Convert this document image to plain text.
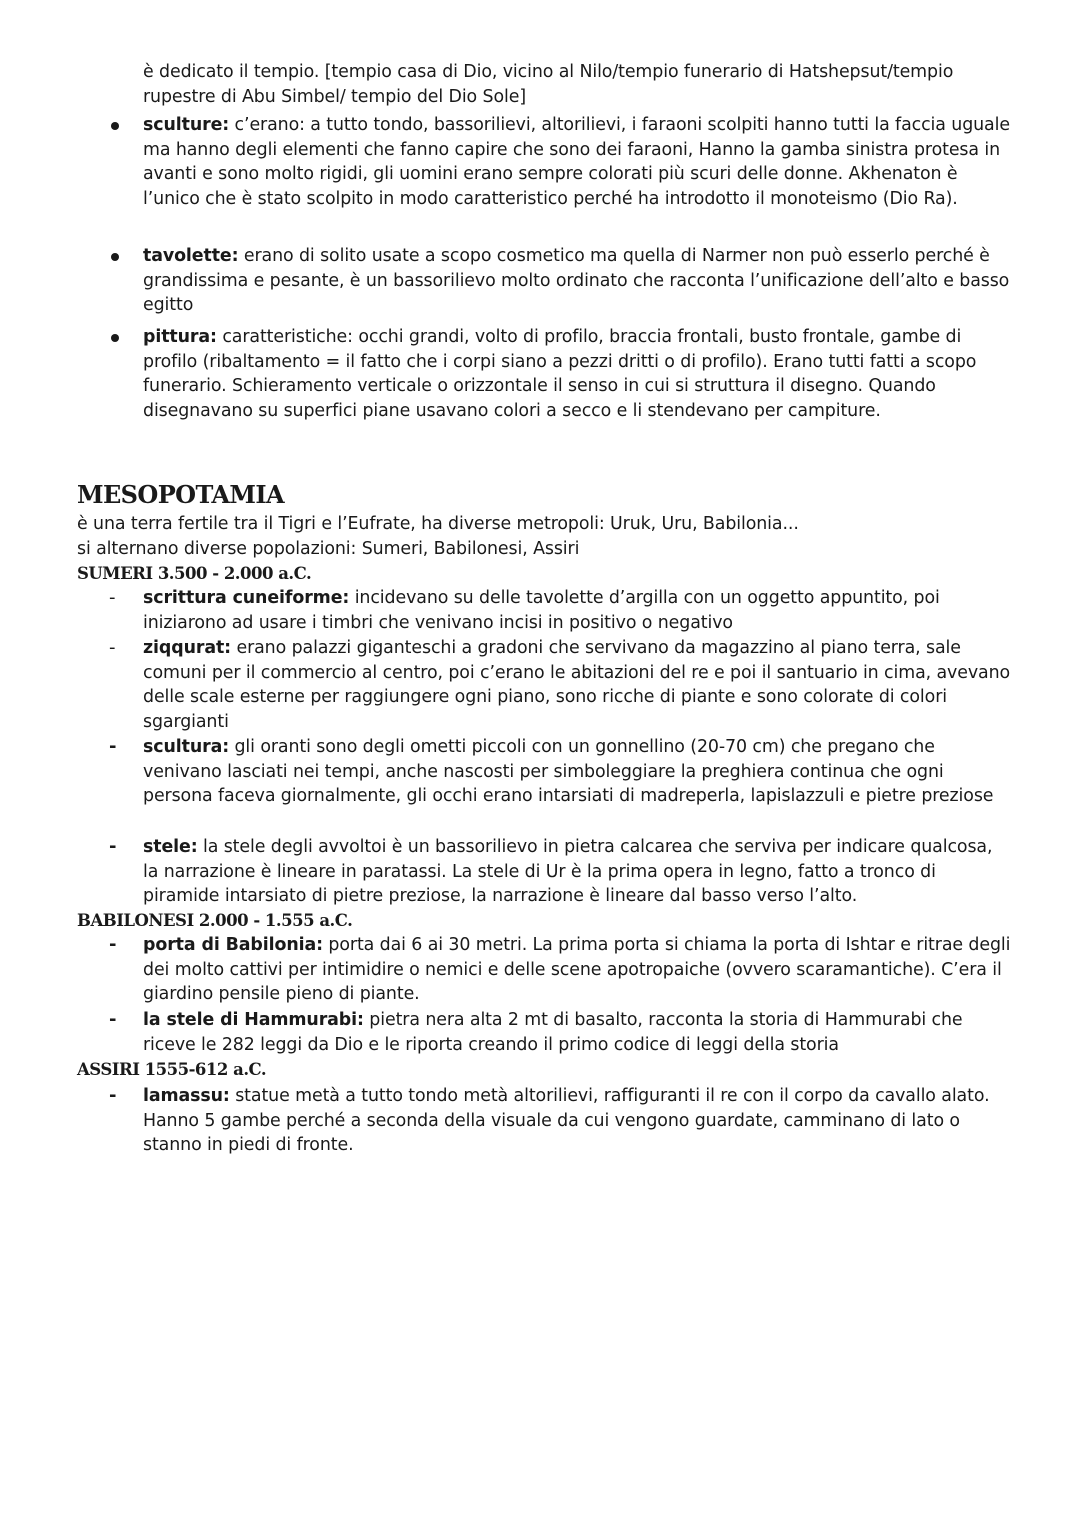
è dedicato il tempio. [tempio casa di Dio, vicino al Nilo/tempio funerario di Hatshepsut/tempio rupestre di Abu Simbel/ tempio del Dio Sole]

sculture: c’erano: a tutto tondo, bassorilievi, altorilievi, i faraoni scolpiti hanno tutti la faccia uguale ma hanno degli elementi che fanno capire che sono dei faraoni, Hanno la gamba sinistra protesa in avanti e sono molto rigidi, gli uomini erano sempre colorati più scuri delle donne. Akhenaton è l’unico che è stato scolpito in modo caratteristico perché ha introdotto il monoteismo (Dio Ra).
tavolette: erano di solito usate a scopo cosmetico ma quella di Narmer non può esserlo perché è grandissima e pesante, è un bassorilievo molto ordinato che racconta l’unificazione dell’alto e basso egitto
pittura: caratteristiche: occhi grandi, volto di profilo, braccia frontali, busto frontale, gambe di profilo (ribaltamento = il fatto che i corpi siano a pezzi dritti o di profilo). Erano tutti fatti a scopo funerario. Schieramento verticale o orizzontale il senso in cui si struttura il disegno. Quando disegnavano su superfici piane usavano colori a secco e li stendevano per campiture.
MESOPOTAMIA
è una terra fertile tra il Tigri e l’Eufrate, ha diverse metropoli: Uruk, Uru, Babilonia...
si alternano diverse popolazioni: Sumeri, Babilonesi, Assiri
SUMERI 3.500 - 2.000 a.C.
- scrittura cuneiforme: incidevano su delle tavolette d’argilla con un oggetto appuntito, poi iniziarono ad usare i timbri che venivano incisi in positivo o negativo
- ziqqurat: erano palazzi giganteschi a gradoni che servivano da magazzino al piano terra, sale comuni per il commercio al centro, poi c’erano le abitazioni del re e poi il santuario in cima, avevano delle scale esterne per raggiungere ogni piano, sono ricche di piante e sono colorate di colori sgargianti
- scultura: gli oranti sono degli ometti piccoli con un gonnellino (20-70 cm) che pregano che venivano lasciati nei tempi, anche nascosti per simboleggiare la preghiera continua che ogni persona faceva giornalmente, gli occhi erano intarsiati di madreperla, lapislazzuli e pietre preziose
- stele: la stele degli avvoltoi è un bassorilievo in pietra calcarea che serviva per indicare qualcosa, la narrazione è lineare in paratassi. La stele di Ur è la prima opera in legno, fatto a tronco di piramide intarsiato di pietre preziose, la narrazione è lineare dal basso verso l’alto.
BABILONESI 2.000 - 1.555 a.C.
- porta di Babilonia: porta dai 6 ai 30 metri. La prima porta si chiama la porta di Ishtar e ritrae degli dei molto cattivi per intimidire o nemici e delle scene apotropaiche (ovvero scaramantiche). C’era il giardino pensile pieno di piante.
- la stele di Hammurabi: pietra nera alta 2 mt di basalto, racconta la storia di Hammurabi che riceve le 282 leggi da Dio e le riporta creando il primo codice di leggi della storia
ASSIRI 1555-612 a.C.
- lamassu: statue metà a tutto tondo metà altorilievi, raffiguranti il re con il corpo da cavallo alato. Hanno 5 gambe perché a seconda della visuale da cui vengono guardate, camminano di lato o stanno in piedi di fronte.
